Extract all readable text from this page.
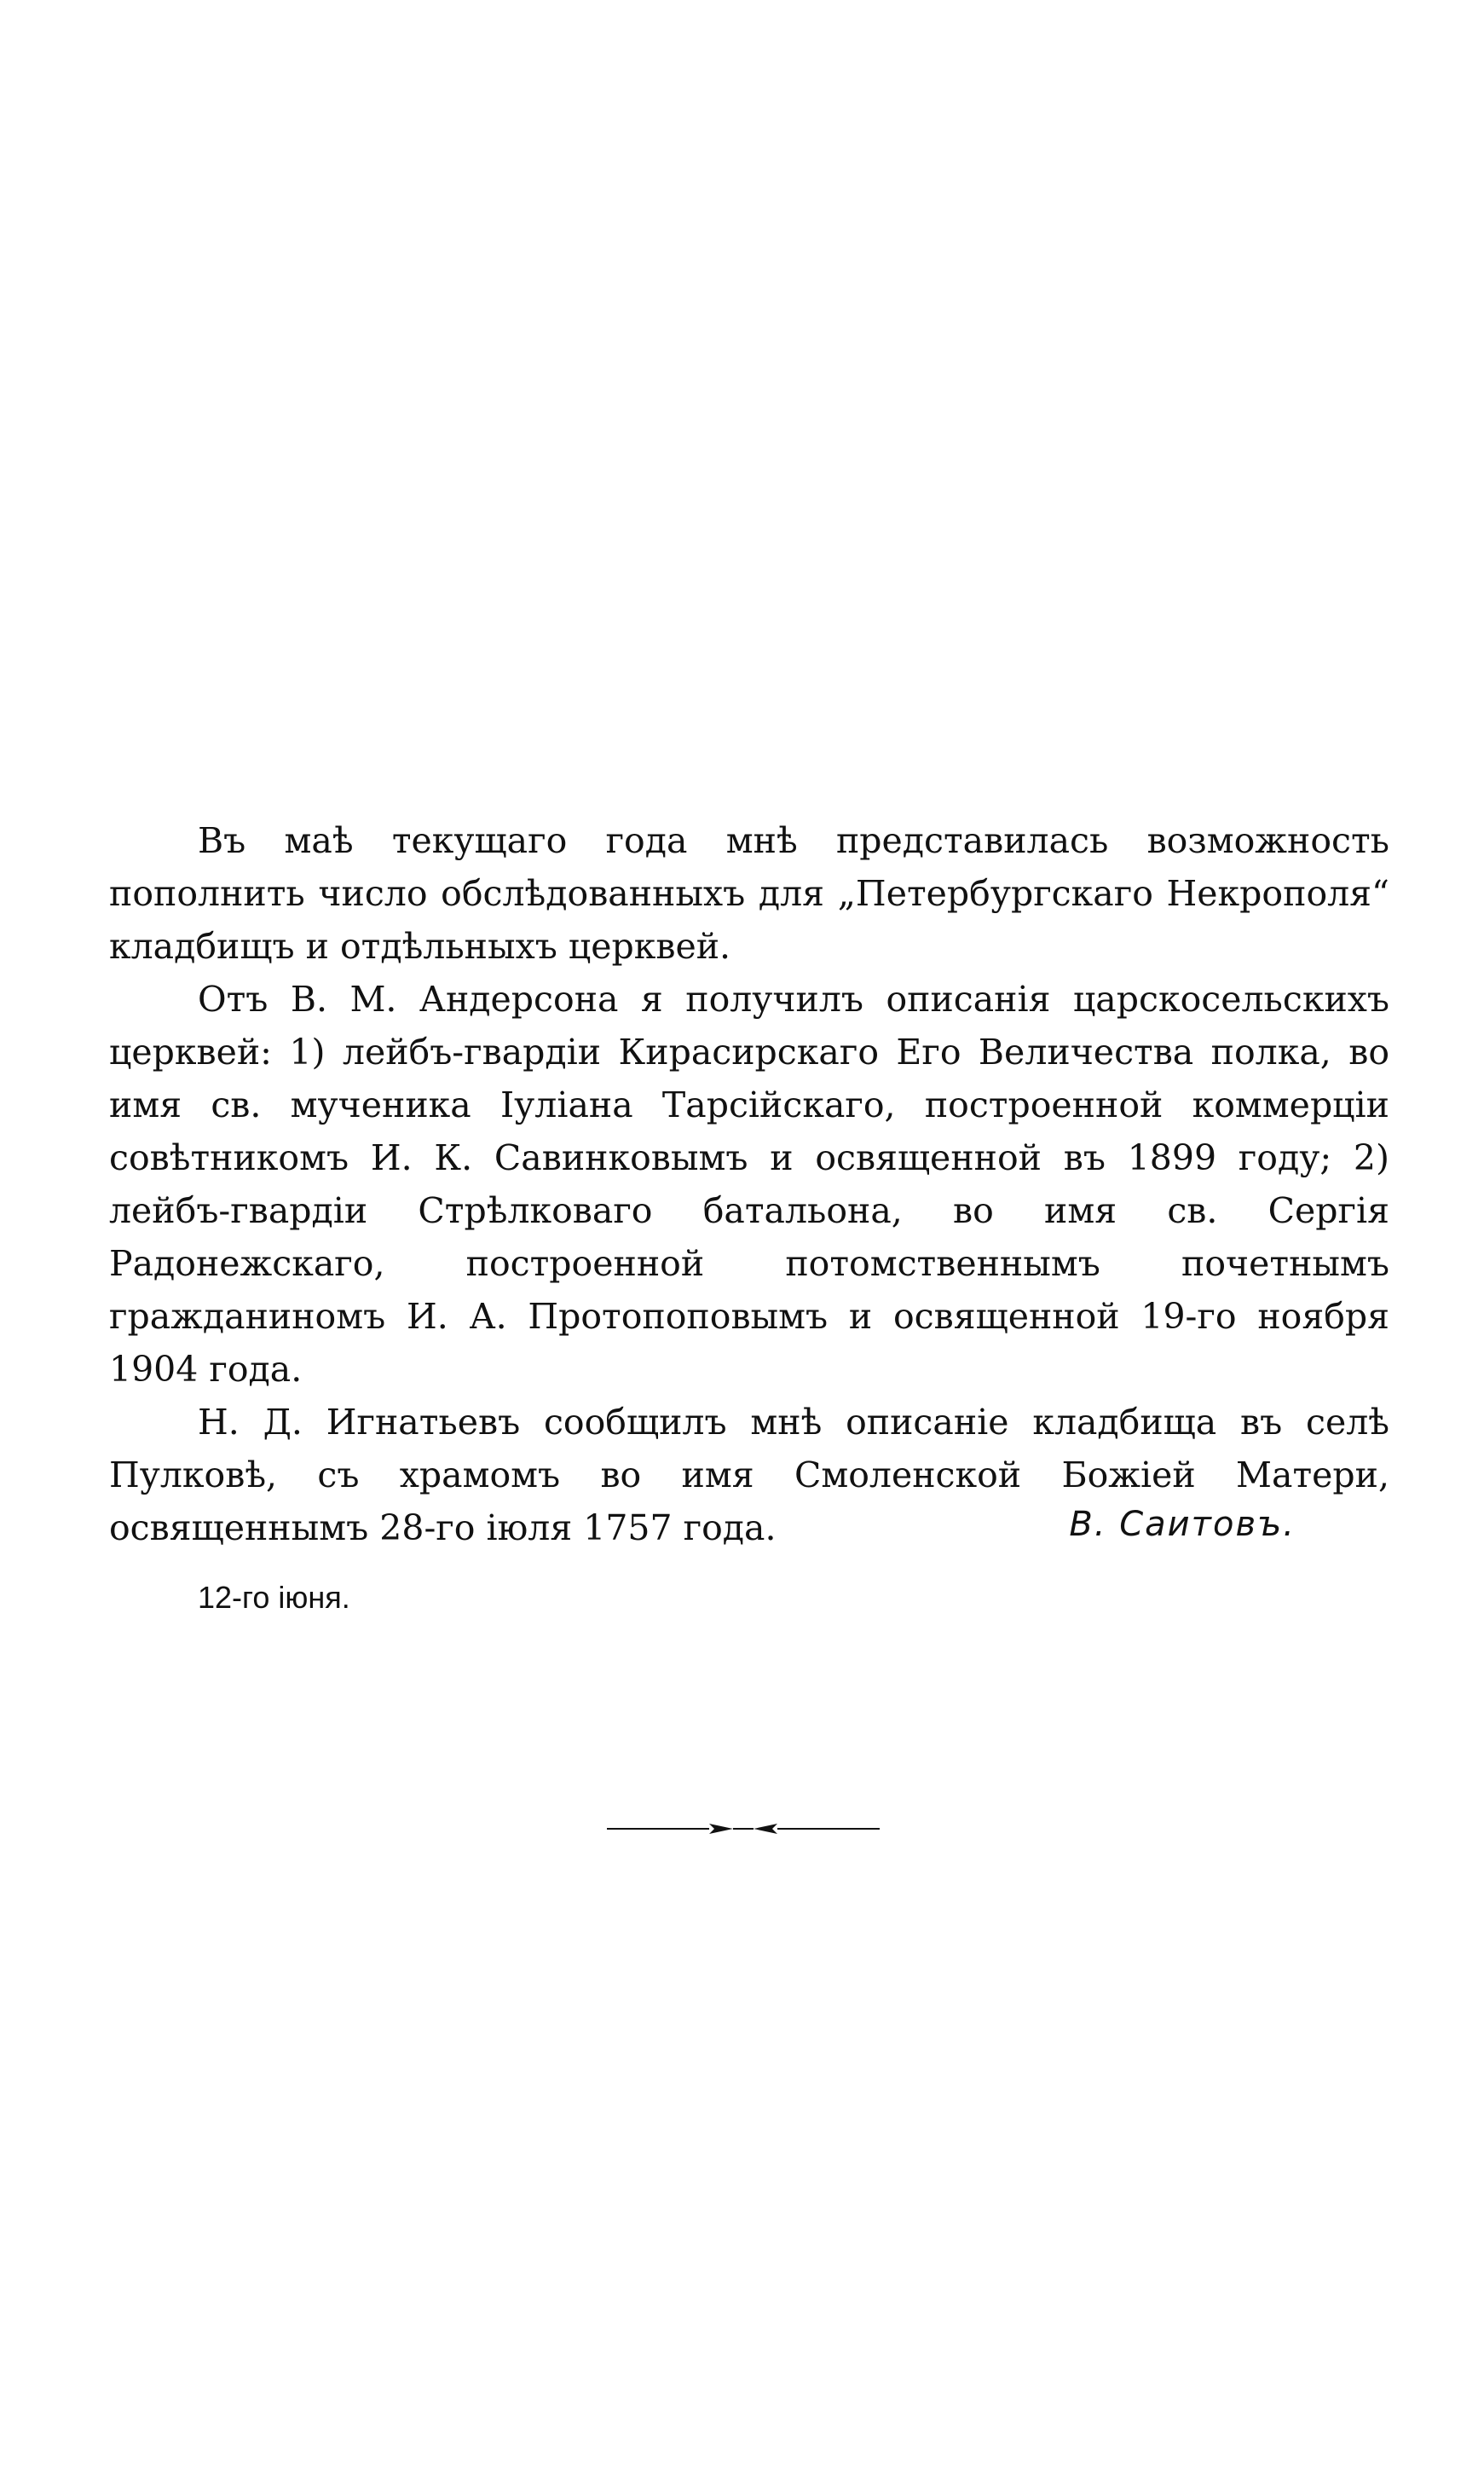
Въ маѣ текущаго года мнѣ представилась возможность пополнить число обслѣдованныхъ для „Петербургскаго Некрополя“ кладбищъ и отдѣльныхъ церквей.

Отъ В. М. Андерсона я получилъ описанія царскосельскихъ церквей: 1) лейбъ-гвардіи Кирасирскаго Его Величества полка, во имя св. мученика Іуліана Тарсійскаго, построенной коммерціи совѣтникомъ И. К. Савинковымъ и освященной въ 1899 году; 2) лейбъ-гвардіи Стрѣлковаго батальона, во имя св. Сергія Радонежскаго, построенной потомственнымъ почетнымъ гражданиномъ И. А. Протопоповымъ и освященной 19-го ноября 1904 года.

Н. Д. Игнатьевъ сообщилъ мнѣ описаніе кладбища въ селѣ Пулковѣ, съ храмомъ во имя Смоленской Божіей Матери, освященнымъ 28-го іюля 1757 года.	В. Саитовъ.
12-го іюня.
